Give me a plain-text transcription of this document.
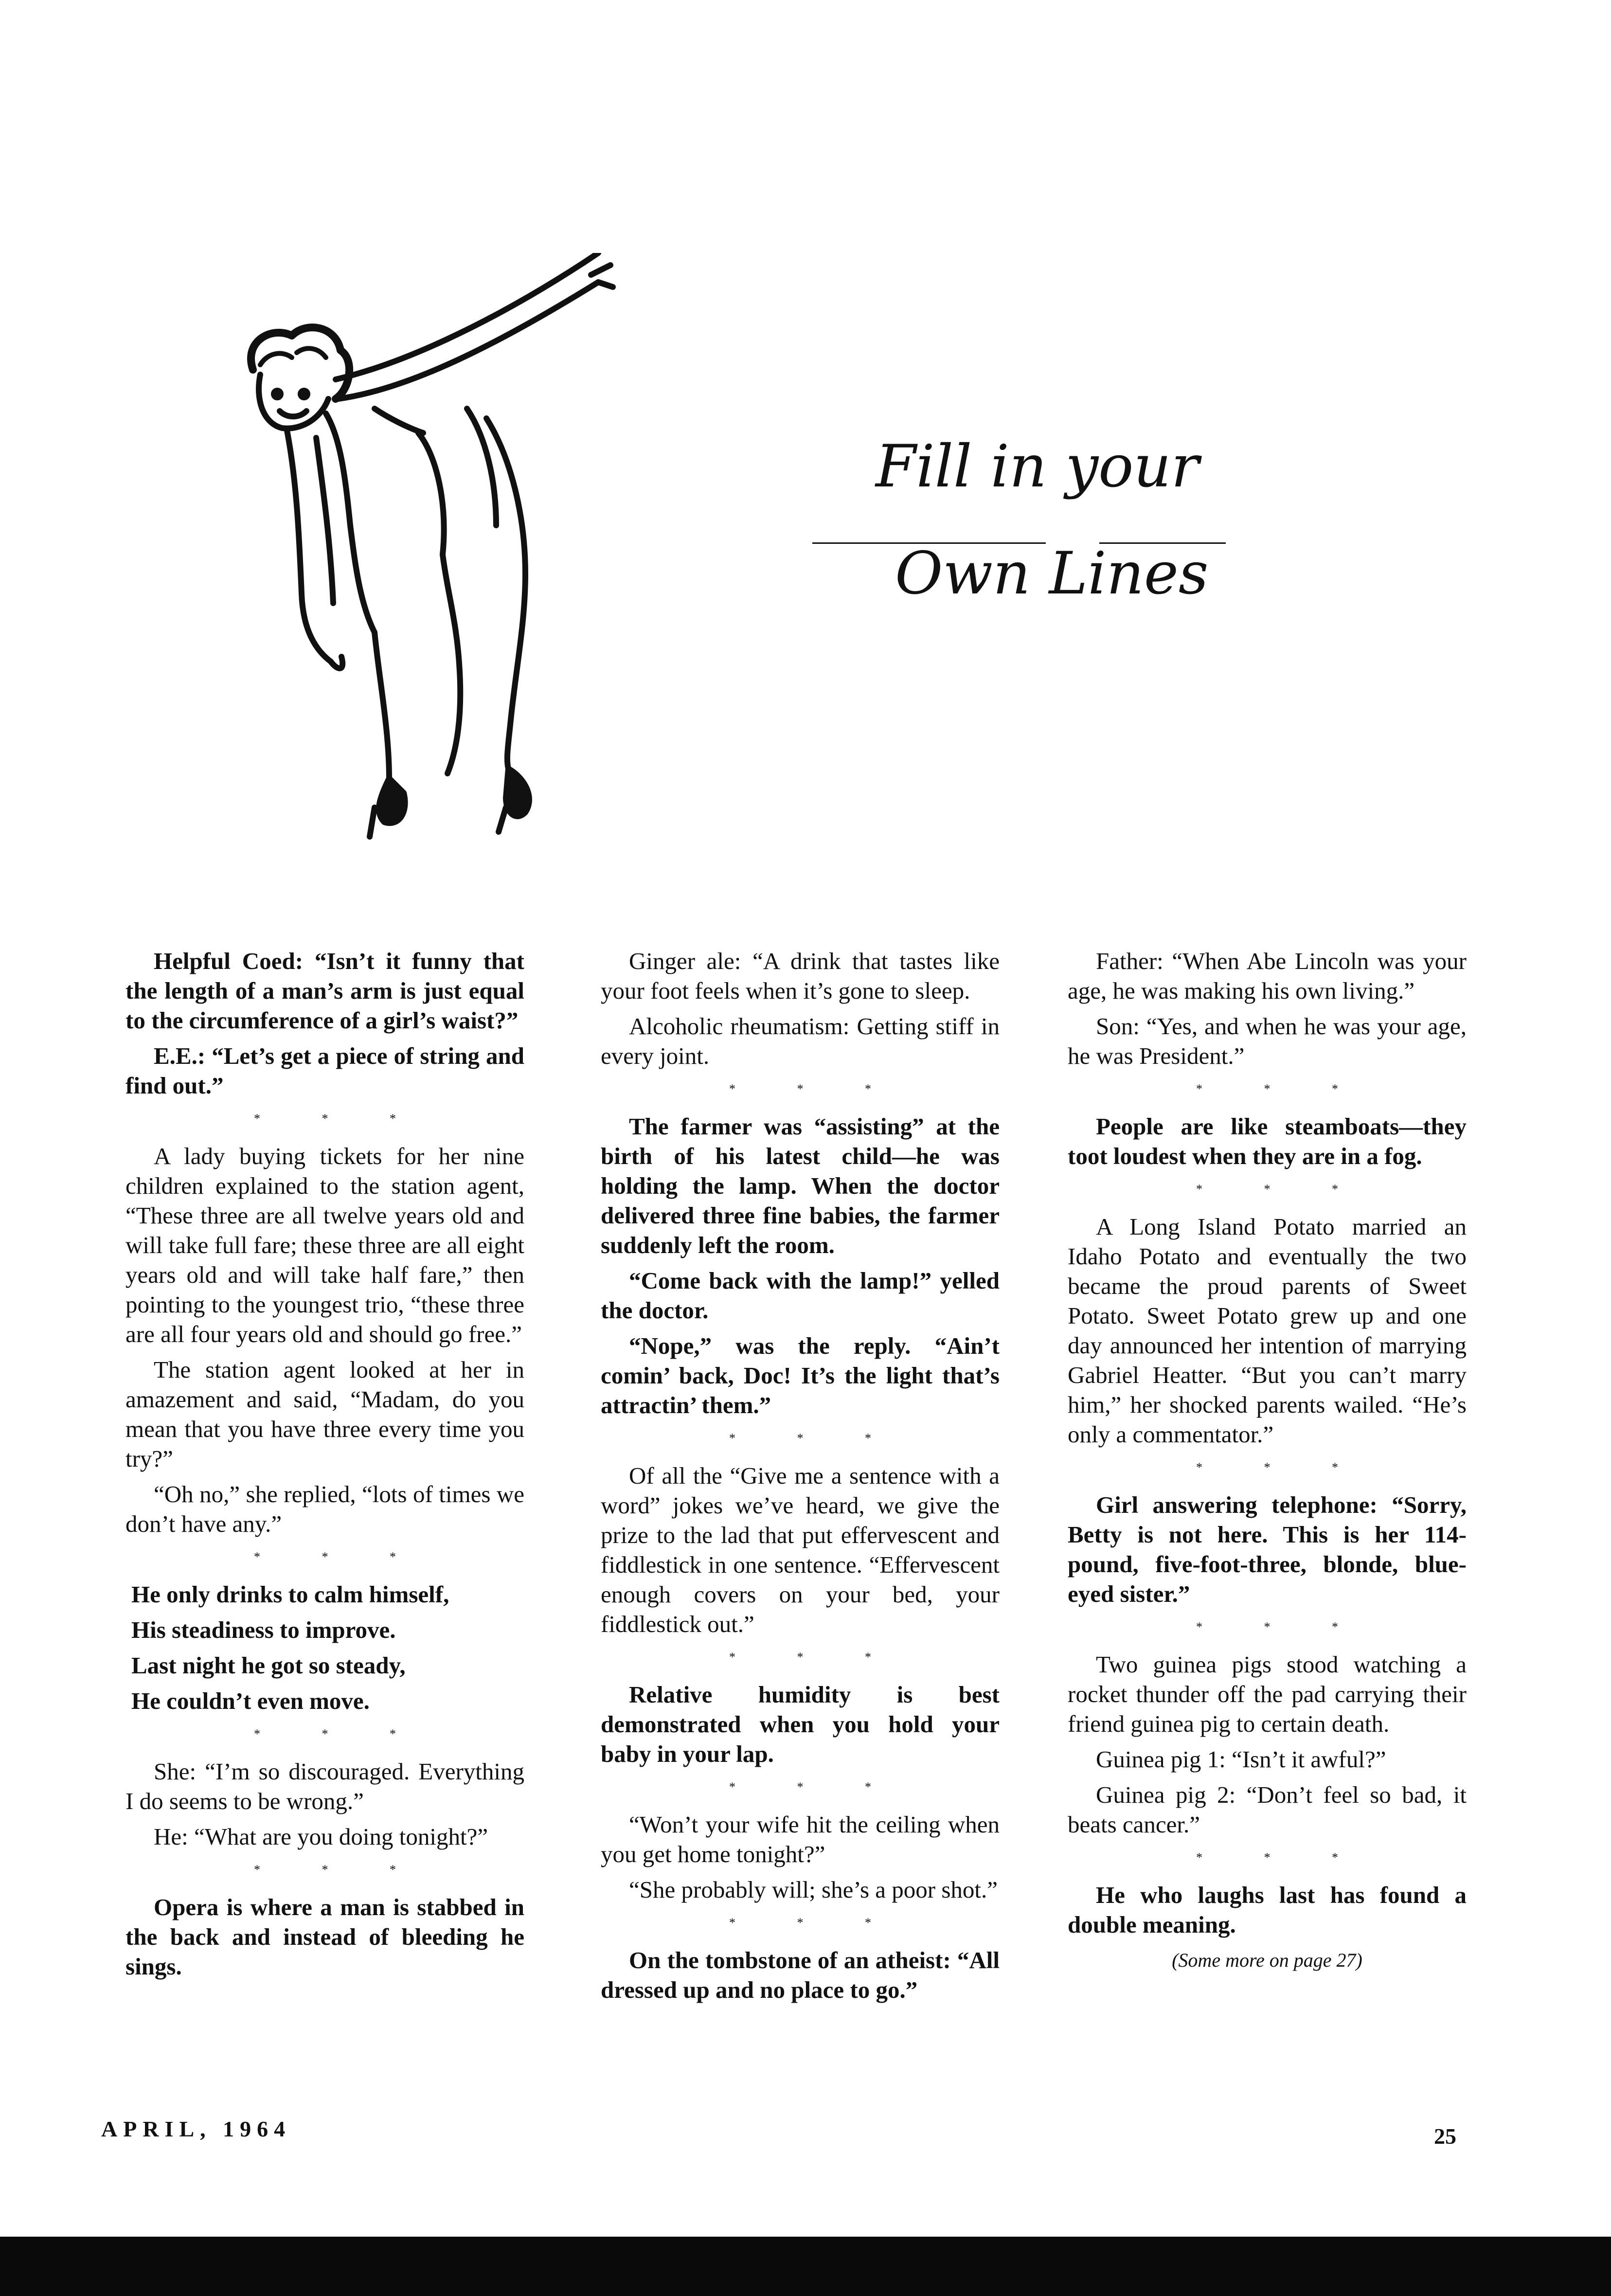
Fill in your
Own Lines

Helpful Coed: “Isn’t it funny that the length of a man’s arm is just equal to the circumference of a girl’s waist?”

E.E.: “Let’s get a piece of string and find out.”

* * *

A lady buying tickets for her nine children explained to the station agent, “These three are all twelve years old and will take full fare; these three are all eight years old and will take half fare,” then pointing to the youngest trio, “these three are all four years old and should go free.”

The station agent looked at her in amazement and said, “Madam, do you mean that you have three every time you try?”

“Oh no,” she replied, “lots of times we don’t have any.”

* * *

He only drinks to calm himself,

His steadiness to improve.

Last night he got so steady,

He couldn’t even move.

* * *

She: “I’m so discouraged. Everything I do seems to be wrong.”

He: “What are you doing tonight?”

* * *

Opera is where a man is stabbed in the back and instead of bleeding he sings.

Ginger ale: “A drink that tastes like your foot feels when it’s gone to sleep.

Alcoholic rheumatism: Getting stiff in every joint.

* * *

The farmer was “assisting” at the birth of his latest child—he was holding the lamp. When the doctor delivered three fine babies, the farmer suddenly left the room.

“Come back with the lamp!” yelled the doctor.

“Nope,” was the reply. “Ain’t comin’ back, Doc! It’s the light that’s attractin’ them.”

* * *

Of all the “Give me a sentence with a word” jokes we’ve heard, we give the prize to the lad that put effervescent and fiddlestick in one sentence. “Effervescent enough covers on your bed, your fiddlestick out.”

* * *

Relative humidity is best demonstrated when you hold your baby in your lap.

* * *

“Won’t your wife hit the ceiling when you get home tonight?”

“She probably will; she’s a poor shot.”

* * *

On the tombstone of an atheist: “All dressed up and no place to go.”

Father: “When Abe Lincoln was your age, he was making his own living.”

Son: “Yes, and when he was your age, he was President.”

* * *

People are like steamboats—they toot loudest when they are in a fog.

* * *

A Long Island Potato married an Idaho Potato and eventually the two became the proud parents of Sweet Potato. Sweet Potato grew up and one day announced her intention of marrying Gabriel Heatter. “But you can’t marry him,” her shocked parents wailed. “He’s only a commentator.”

* * *

Girl answering telephone: “Sorry, Betty is not here. This is her 114-pound, five-foot-three, blonde, blue-eyed sister.”

* * *

Two guinea pigs stood watching a rocket thunder off the pad carrying their friend guinea pig to certain death.

Guinea pig 1: “Isn’t it awful?”

Guinea pig 2: “Don’t feel so bad, it beats cancer.”

* * *

He who laughs last has found a double meaning.

(Some more on page 27)

APRIL, 1964	25
